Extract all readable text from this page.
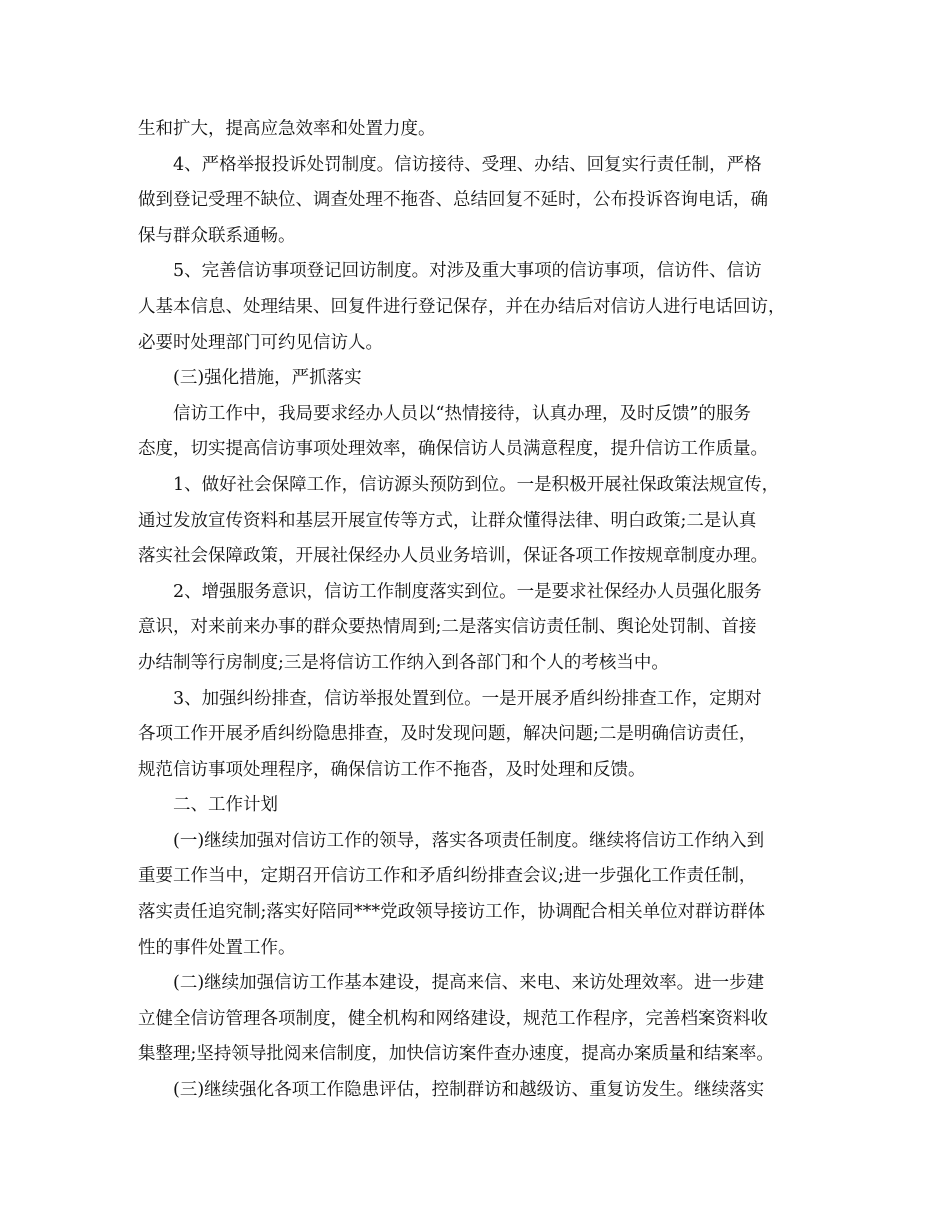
生和扩大，提高应急效率和处置力度。
4、严格举报投诉处罚制度。信访接待、受理、办结、回复实行责任制，严格
做到登记受理不缺位、调查处理不拖沓、总结回复不延时，公布投诉咨询电话，确
保与群众联系通畅。
5、完善信访事项登记回访制度。对涉及重大事项的信访事项，信访件、信访
人基本信息、处理结果、回复件进行登记保存，并在办结后对信访人进行电话回访，
必要时处理部门可约见信访人。
(三)强化措施，严抓落实
信访工作中，我局要求经办人员以“热情接待，认真办理，及时反馈”的服务
态度，切实提高信访事项处理效率，确保信访人员满意程度，提升信访工作质量。
1、做好社会保障工作，信访源头预防到位。一是积极开展社保政策法规宣传，
通过发放宣传资料和基层开展宣传等方式，让群众懂得法律、明白政策;二是认真
落实社会保障政策，开展社保经办人员业务培训，保证各项工作按规章制度办理。
2、增强服务意识，信访工作制度落实到位。一是要求社保经办人员强化服务
意识，对来前来办事的群众要热情周到;二是落实信访责任制、舆论处罚制、首接
办结制等行房制度;三是将信访工作纳入到各部门和个人的考核当中。
3、加强纠纷排查，信访举报处置到位。一是开展矛盾纠纷排查工作，定期对
各项工作开展矛盾纠纷隐患排查，及时发现问题，解决问题;二是明确信访责任，
规范信访事项处理程序，确保信访工作不拖沓，及时处理和反馈。
二、工作计划
(一)继续加强对信访工作的领导，落实各项责任制度。继续将信访工作纳入到
重要工作当中，定期召开信访工作和矛盾纠纷排查会议;进一步强化工作责任制，
落实责任追究制;落实好陪同***党政领导接访工作，协调配合相关单位对群访群体
性的事件处置工作。
(二)继续加强信访工作基本建设，提高来信、来电、来访处理效率。进一步建
立健全信访管理各项制度，健全机构和网络建设，规范工作程序，完善档案资料收
集整理;坚持领导批阅来信制度，加快信访案件查办速度，提高办案质量和结案率。
(三)继续强化各项工作隐患评估，控制群访和越级访、重复访发生。继续落实
